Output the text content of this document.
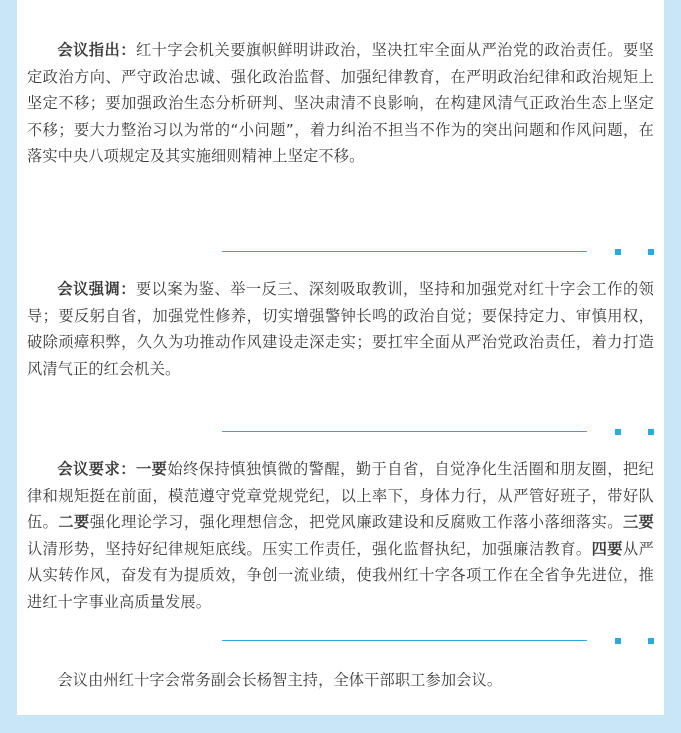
会议指出：红十字会机关要旗帜鲜明讲政治，坚决扛牢全面从严治党的政治责任。要坚定政治方向、严守政治忠诚、强化政治监督、加强纪律教育，在严明政治纪律和政治规矩上坚定不移；要加强政治生态分析研判、坚决肃清不良影响，在构建风清气正政治生态上坚定不移；要大力整治习以为常的“小问题”，着力纠治不担当不作为的突出问题和作风问题，在落实中央八项规定及其实施细则精神上坚定不移。

会议强调：要以案为鉴、举一反三、深刻吸取教训，坚持和加强党对红十字会工作的领导；要反躬自省，加强党性修养，切实增强警钟长鸣的政治自觉；要保持定力、审慎用权，破除顽瘴积弊，久久为功推动作风建设走深走实；要扛牢全面从严治党政治责任，着力打造风清气正的红会机关。

会议要求：一要始终保持慎独慎微的警醒，勤于自省，自觉净化生活圈和朋友圈，把纪律和规矩挺在前面，模范遵守党章党规党纪，以上率下，身体力行，从严管好班子，带好队伍。二要强化理论学习，强化理想信念，把党风廉政建设和反腐败工作落小落细落实。三要认清形势，坚持好纪律规矩底线。压实工作责任，强化监督执纪，加强廉洁教育。四要从严从实转作风，奋发有为提质效，争创一流业绩，使我州红十字各项工作在全省争先进位，推进红十字事业高质量发展。

会议由州红十字会常务副会长杨智主持，全体干部职工参加会议。
